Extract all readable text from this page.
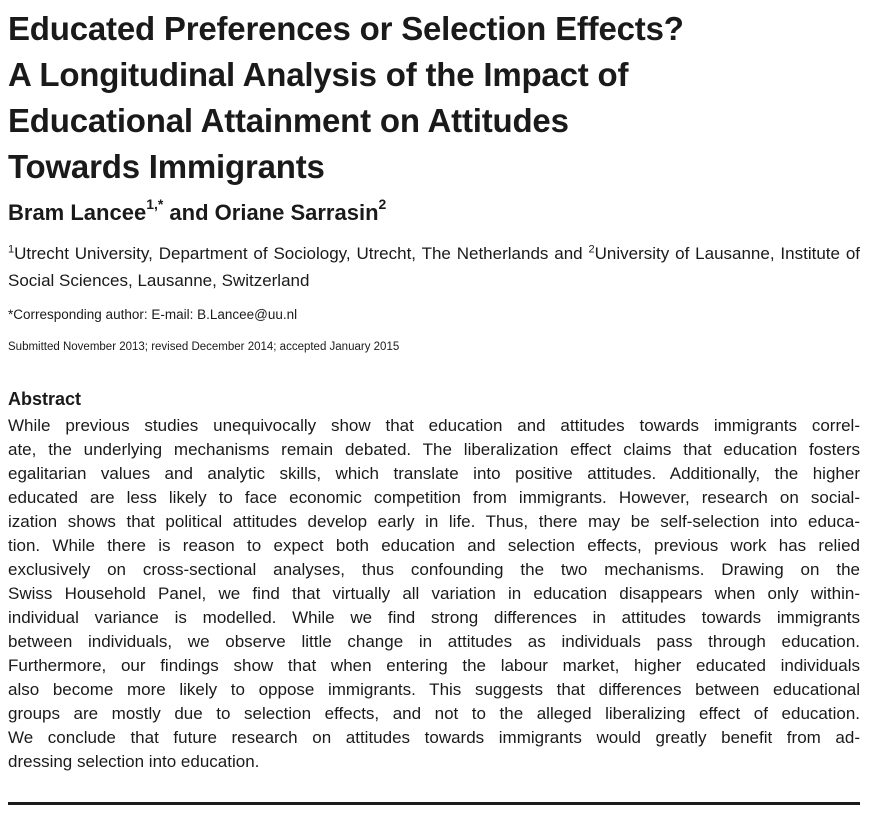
Educated Preferences or Selection Effects?
A Longitudinal Analysis of the Impact of
Educational Attainment on Attitudes
Towards Immigrants
Bram Lancee$^{1,*}$ and Oriane Sarrasin$^2$
$^1$Utrecht University, Department of Sociology, Utrecht, The Netherlands and $^2$University of Lausanne, Institute of Social Sciences, Lausanne, Switzerland
*Corresponding author: E-mail: B.Lancee@uu.nl
Submitted November 2013; revised December 2014; accepted January 2015
Abstract
While previous studies unequivocally show that education and attitudes towards immigrants correl-
ate, the underlying mechanisms remain debated. The liberalization effect claims that education fosters
egalitarian values and analytic skills, which translate into positive attitudes. Additionally, the higher
educated are less likely to face economic competition from immigrants. However, research on social-
ization shows that political attitudes develop early in life. Thus, there may be self-selection into educa-
tion. While there is reason to expect both education and selection effects, previous work has relied
exclusively on cross-sectional analyses, thus confounding the two mechanisms. Drawing on the
Swiss Household Panel, we find that virtually all variation in education disappears when only within-
individual variance is modelled. While we find strong differences in attitudes towards immigrants
between individuals, we observe little change in attitudes as individuals pass through education.
Furthermore, our findings show that when entering the labour market, higher educated individuals
also become more likely to oppose immigrants. This suggests that differences between educational
groups are mostly due to selection effects, and not to the alleged liberalizing effect of education.
We conclude that future research on attitudes towards immigrants would greatly benefit from ad-
dressing selection into education.
